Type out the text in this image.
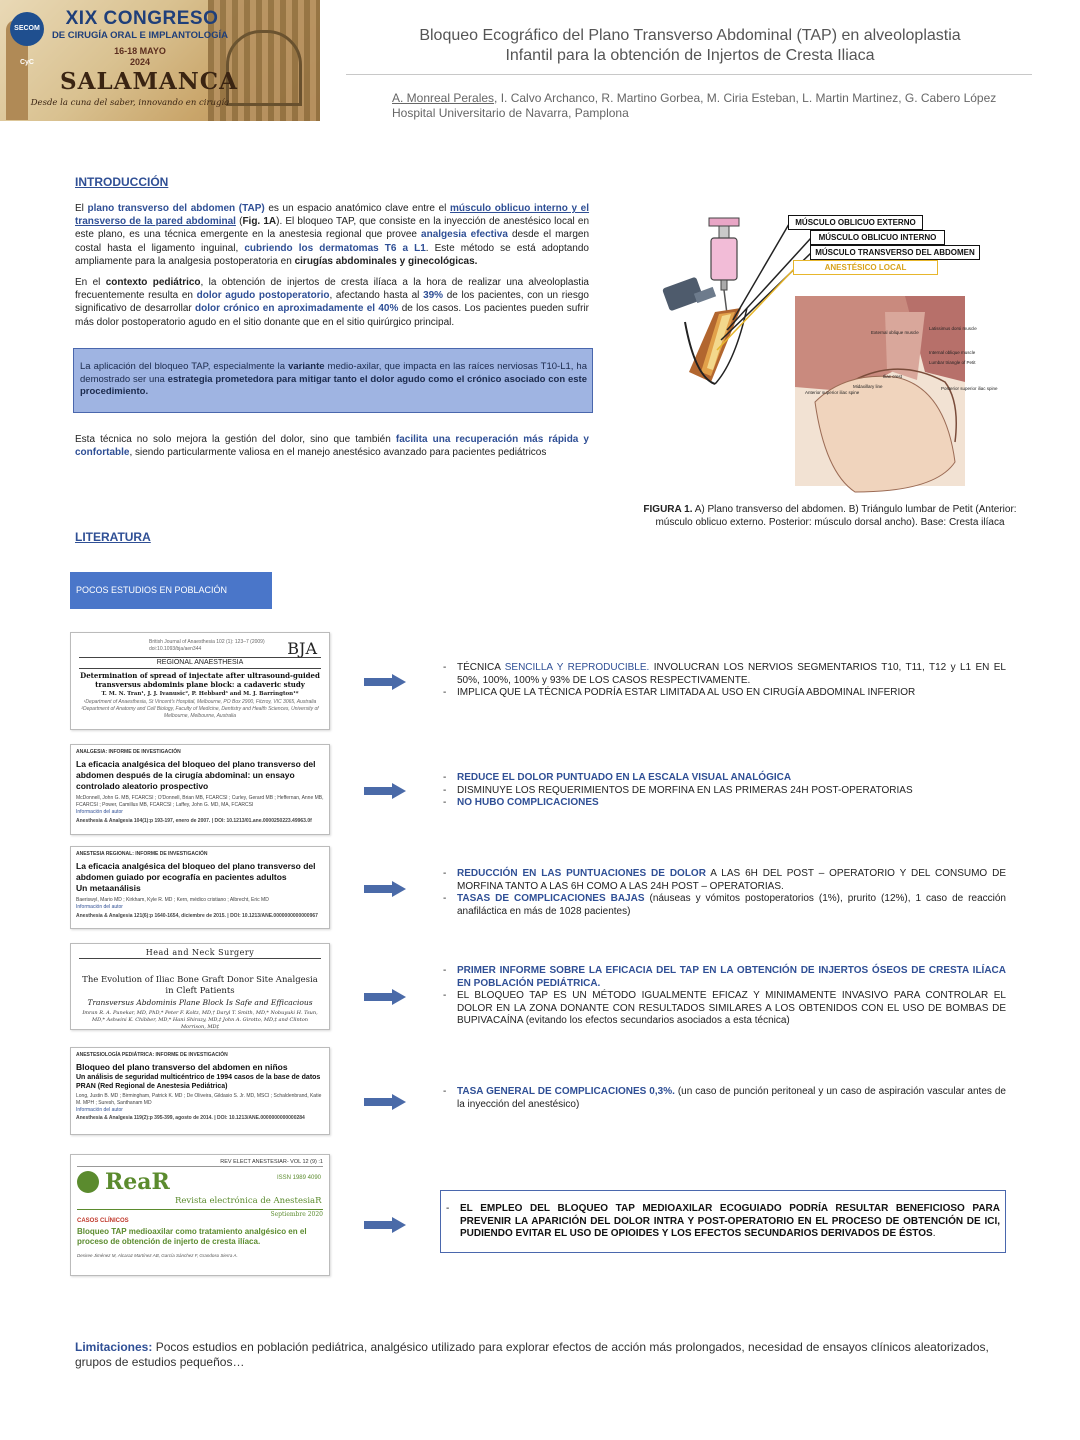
SECOM CyC
XIX CONGRESO
DE CIRUGÍA ORAL E IMPLANTOLOGÍA
16-18 MAYO
2024
SALAMANCA
Desde la cuna del saber, innovando en cirugía
Bloqueo Ecográfico del Plano Transverso Abdominal (TAP) en alveoloplastia
Infantil para la obtención de Injertos de Cresta Iliaca
A. Monreal Perales, I. Calvo Archanco, R. Martino Gorbea, M. Ciria Esteban, L. Martin Martinez, G. Cabero López
Hospital Universitario de Navarra, Pamplona
INTRODUCCIÓN
El plano transverso del abdomen (TAP) es un espacio anatómico clave entre el músculo oblicuo interno y el transverso de la pared abdominal (Fig. 1A). El bloqueo TAP, que consiste en la inyección de anestésico local en este plano, es una técnica emergente en la anestesia regional que provee analgesia efectiva desde el margen costal hasta el ligamento inguinal, cubriendo los dermatomas T6 a L1. Este método se está adoptando ampliamente para la analgesia postoperatoria en cirugías abdominales y ginecológicas.
En el contexto pediátrico, la obtención de injertos de cresta ilíaca a la hora de realizar una alveoloplastia frecuentemente resulta en dolor agudo postoperatorio, afectando hasta al 39% de los pacientes, con un riesgo significativo de desarrollar dolor crónico en aproximadamente el 40% de los casos. Los pacientes pueden sufrir más dolor postoperatorio agudo en el sitio donante que en el sitio quirúrgico principal.
La aplicación del bloqueo TAP, especialmente la variante medio-axilar, que impacta en las raíces nerviosas T10-L1, ha demostrado ser una estrategia prometedora para mitigar tanto el dolor agudo como el crónico asociado con este procedimiento.
Esta técnica no solo mejora la gestión del dolor, sino que también facilita una recuperación más rápida y confortable, siendo particularmente valiosa en el manejo anestésico avanzado para pacientes pediátricos
Latissimus dorsi muscle
External oblique muscle
Internal oblique muscle
Lumbar triangle of Petit
Iliac crest
Midaxillary line
Anterior superior iliac spine
Posterior superior iliac spine
MÚSCULO OBLICUO EXTERNO
MÚSCULO OBLICUO INTERNO
MÚSCULO TRANSVERSO DEL ABDOMEN
ANESTÉSICO LOCAL
FIGURA 1. A) Plano transverso del abdomen. B) Triángulo lumbar de Petit (Anterior: músculo oblicuo externo. Posterior: músculo dorsal ancho). Base: Cresta ilíaca
LITERATURA
POCOS ESTUDIOS EN POBLACIÓN PEDIÁTRICA
British Journal of Anaesthesia 102 (1): 123–7 (2009)
doi:10.1093/bja/aen344	BJA
REGIONAL ANAESTHESIA
Determination of spread of injectate after ultrasound-guided transversus abdominis plane block: a cadaveric study
T. M. N. Tran¹, J. J. Ivanusic², P. Hebbard³ and M. J. Barrington¹*
¹Department of Anaesthesia, St Vincent's Hospital, Melbourne, PO Box 2900, Fitzroy, VIC 3065, Australia
²Department of Anatomy and Cell Biology, Faculty of Medicine, Dentistry and Health Sciences, University of Melbourne, Melbourne, Australia
- TÉCNICA SENCILLA Y REPRODUCIBLE. INVOLUCRAN LOS NERVIOS SEGMENTARIOS T10, T11, T12 y L1 EN EL 50%, 100%, 100% y 93% DE LOS CASOS RESPECTIVAMENTE.
- IMPLICA QUE LA TÉCNICA PODRÍA ESTAR LIMITADA AL USO EN CIRUGÍA ABDOMINAL INFERIOR
ANALGESIA: INFORME DE INVESTIGACIÓN
La eficacia analgésica del bloqueo del plano transverso del abdomen después de la cirugía abdominal: un ensayo controlado aleatorio prospectivo
McDonnell, John G. MB, FCARCSI ; O'Donnell, Brian MB, FCARCSI ; Curley, Gerard MB ; Heffernan, Anne MB, FCARCSI ; Power, Camillus MB, FCARCSI ; Laffey, John G. MD, MA, FCARCSI
Información del autor
Anesthesia & Analgesia 104(1):p 193-197, enero de 2007. | DOI: 10.1213/01.ane.0000250223.49963.0f
- REDUCE EL DOLOR PUNTUADO EN LA ESCALA VISUAL ANALÓGICA
- DISMINUYE LOS REQUERIMIENTOS DE MORFINA EN LAS PRIMERAS 24H POST-OPERATORIAS
- NO HUBO COMPLICACIONES
ANESTESIA REGIONAL: INFORME DE INVESTIGACIÓN
La eficacia analgésica del bloqueo del plano transverso del abdomen guiado por ecografía en pacientes adultos
Un metaanálisis
Baeriswyl, Mario MD ; Kirkham, Kyle R. MD ; Kern, médico cristiano ; Albrecht, Eric MD
Información del autor
Anesthesia & Analgesia 121(6):p 1640-1654, diciembre de 2015. | DOI: 10.1213/ANE.0000000000000967
- REDUCCIÓN EN LAS PUNTUACIONES DE DOLOR A LAS 6H DEL POST – OPERATORIO Y DEL CONSUMO DE MORFINA TANTO A LAS 6H COMO A LAS 24H POST – OPERATORIAS.
- TASAS DE COMPLICACIONES BAJAS (náuseas y vómitos postoperatorios (1%), prurito (12%), 1 caso de reacción anafiláctica en más de 1028 pacientes)
Head and Neck Surgery
The Evolution of Iliac Bone Graft Donor Site Analgesia in Cleft Patients
Transversus Abdominis Plane Block Is Safe and Efficacious
Imran R. A. Punekar, MD, PhD,* Peter F. Koltz, MD,† Daryl T. Smith, MD,* Nobuyuki H. Tsun, MD,* Ashwini K. Chibber, MD,* Hani Shirazy, MD,‡ John A. Girotto, MD,‡ and Clinton Morrison, MD‡
- PRIMER INFORME SOBRE LA EFICACIA DEL TAP EN LA OBTENCIÓN DE INJERTOS ÓSEOS DE CRESTA ILÍACA EN POBLACIÓN PEDIÁTRICA.
- EL BLOQUEO TAP ES UN MÉTODO IGUALMENTE EFICAZ Y MINIMAMENTE INVASIVO PARA CONTROLAR EL DOLOR EN LA ZONA DONANTE CON RESULTADOS SIMILARES A LOS OBTENIDOS CON EL USO DE BOMBAS DE BUPIVACAÍNA (evitando los efectos secundarios asociados a esta técnica)
ANESTESIOLOGÍA PEDIÁTRICA: INFORME DE INVESTIGACIÓN
Bloqueo del plano transverso del abdomen en niños
Un análisis de seguridad multicéntrico de 1994 casos de la base de datos PRAN (Red Regional de Anestesia Pediátrica)
Long, Justin B. MD ; Birmingham, Patrick K. MD ; De Oliveira, Gildasio S. Jr. MD, MSCI ; Schaldenbrand, Katie M. MPH ; Suresh, Santhanam MD
Información del autor
Anesthesia & Analgesia 119(2):p 395-399, agosto de 2014. | DOI: 10.1213/ANE.0000000000000284
- TASA GENERAL DE COMPLICACIONES 0,3%. (un caso de punción peritoneal y un caso de aspiración vascular antes de la inyección del anestésico)
REV ELECT ANESTESIAR- VOL 12 (9) :1
ReaR	ISSN 1989 4090
Revista electrónica de AnestesiaR
Septiembre 2020
CASOS CLÍNICOS
Bloqueo TAP medioaxilar como tratamiento analgésico en el proceso de obtención de injerto de cresta ilíaca.
Desiree Jiménez M, Alcaraz Martínez AB, García Sánchez F, Grandoso Sierra A.
- EL EMPLEO DEL BLOQUEO TAP MEDIOAXILAR ECOGUIADO PODRÍA RESULTAR BENEFICIOSO PARA PREVENIR LA APARICIÓN DEL DOLOR INTRA Y POST-OPERATORIO EN EL PROCESO DE OBTENCIÓN DE ICI, PUDIENDO EVITAR EL USO DE OPIOIDES Y LOS EFECTOS SECUNDARIOS DERIVADOS DE ÉSTOS.
Limitaciones: Pocos estudios en población pediátrica, analgésico utilizado para explorar efectos de acción más prolongados, necesidad de ensayos clínicos aleatorizados, grupos de estudios pequeños…
